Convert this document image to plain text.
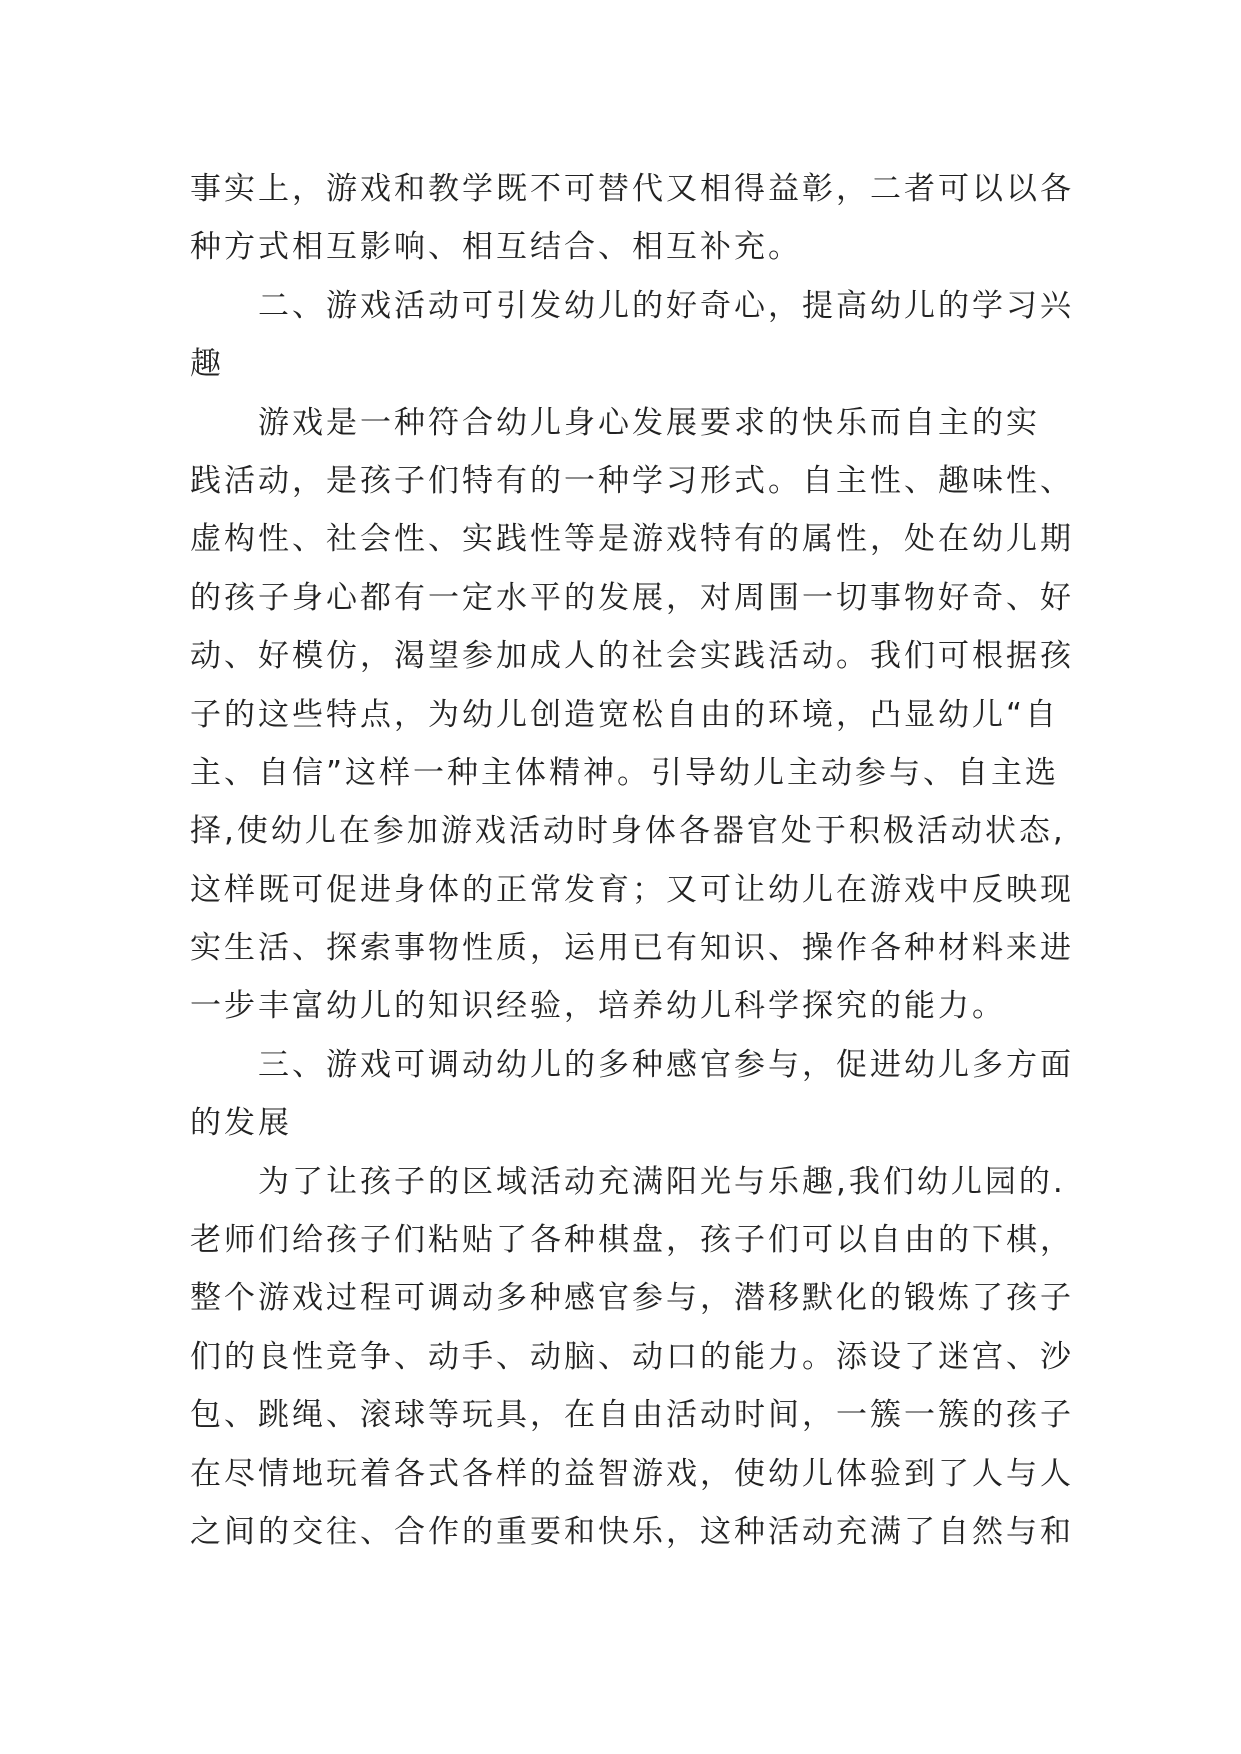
事实上，游戏和教学既不可替代又相得益彰，二者可以以各
种方式相互影响、相互结合、相互补充。
　　二、游戏活动可引发幼儿的好奇心，提高幼儿的学习兴
趣
　　游戏是一种符合幼儿身心发展要求的快乐而自主的实
践活动，是孩子们特有的一种学习形式。自主性、趣味性、
虚构性、社会性、实践性等是游戏特有的属性，处在幼儿期
的孩子身心都有一定水平的发展，对周围一切事物好奇、好
动、好模仿，渴望参加成人的社会实践活动。我们可根据孩
子的这些特点，为幼儿创造宽松自由的环境，凸显幼儿“自
主、自信”这样一种主体精神。引导幼儿主动参与、自主选
择,使幼儿在参加游戏活动时身体各器官处于积极活动状态,
这样既可促进身体的正常发育；又可让幼儿在游戏中反映现
实生活、探索事物性质，运用已有知识、操作各种材料来进
一步丰富幼儿的知识经验，培养幼儿科学探究的能力。
　　三、游戏可调动幼儿的多种感官参与，促进幼儿多方面
的发展
　　为了让孩子的区域活动充满阳光与乐趣,我们幼儿园的.
老师们给孩子们粘贴了各种棋盘，孩子们可以自由的下棋，
整个游戏过程可调动多种感官参与，潜移默化的锻炼了孩子
们的良性竞争、动手、动脑、动口的能力。添设了迷宫、沙
包、跳绳、滚球等玩具，在自由活动时间，一簇一簇的孩子
在尽情地玩着各式各样的益智游戏，使幼儿体验到了人与人
之间的交往、合作的重要和快乐，这种活动充满了自然与和
